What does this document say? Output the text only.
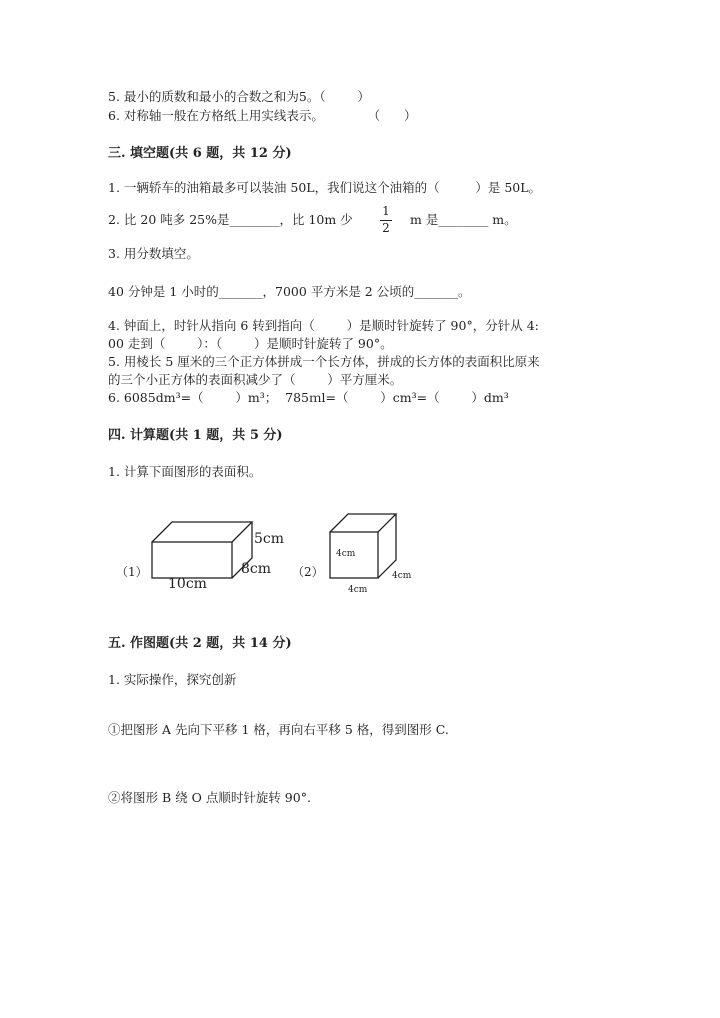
5. 最小的质数和最小的合数之和为5。（        ）
6. 对称轴一般在方格纸上用实线表示。           （      ）
三. 填空题(共 6 题，共 12 分)
1. 一辆轿车的油箱最多可以装油 50L，我们说这个油箱的（         ）是 50L。
2. 比 20 吨多 25%是________，比 10m 少
1
2
m 是________ m。
3. 用分数填空。
40 分钟是 1 小时的_______，7000 平方米是 2 公顷的_______。
4. 钟面上，时针从指向 6 转到指向（        ）是顺时针旋转了 90°，分针从 4:
00 走到（        ）：（        ）是顺时针旋转了 90°。
5. 用棱长 5 厘米的三个正方体拼成一个长方体，拼成的长方体的表面积比原来
的三个小正方体的表面积减少了（        ）平方厘米。
6. 6085dm³=（        ）m³；  785ｍl=（        ）cm³=（        ）dm³
四. 计算题(共 1 题，共 5 分)
1. 计算下面图形的表面积。
（1）
10cm
8cm
5cm
（2）
4cm
4cm
4cm
五. 作图题(共 2 题，共 14 分)
1. 实际操作，探究创新
①把图形 A 先向下平移 1 格，再向右平移 5 格，得到图形 C.
②将图形 B 绕 O 点顺时针旋转 90°.
